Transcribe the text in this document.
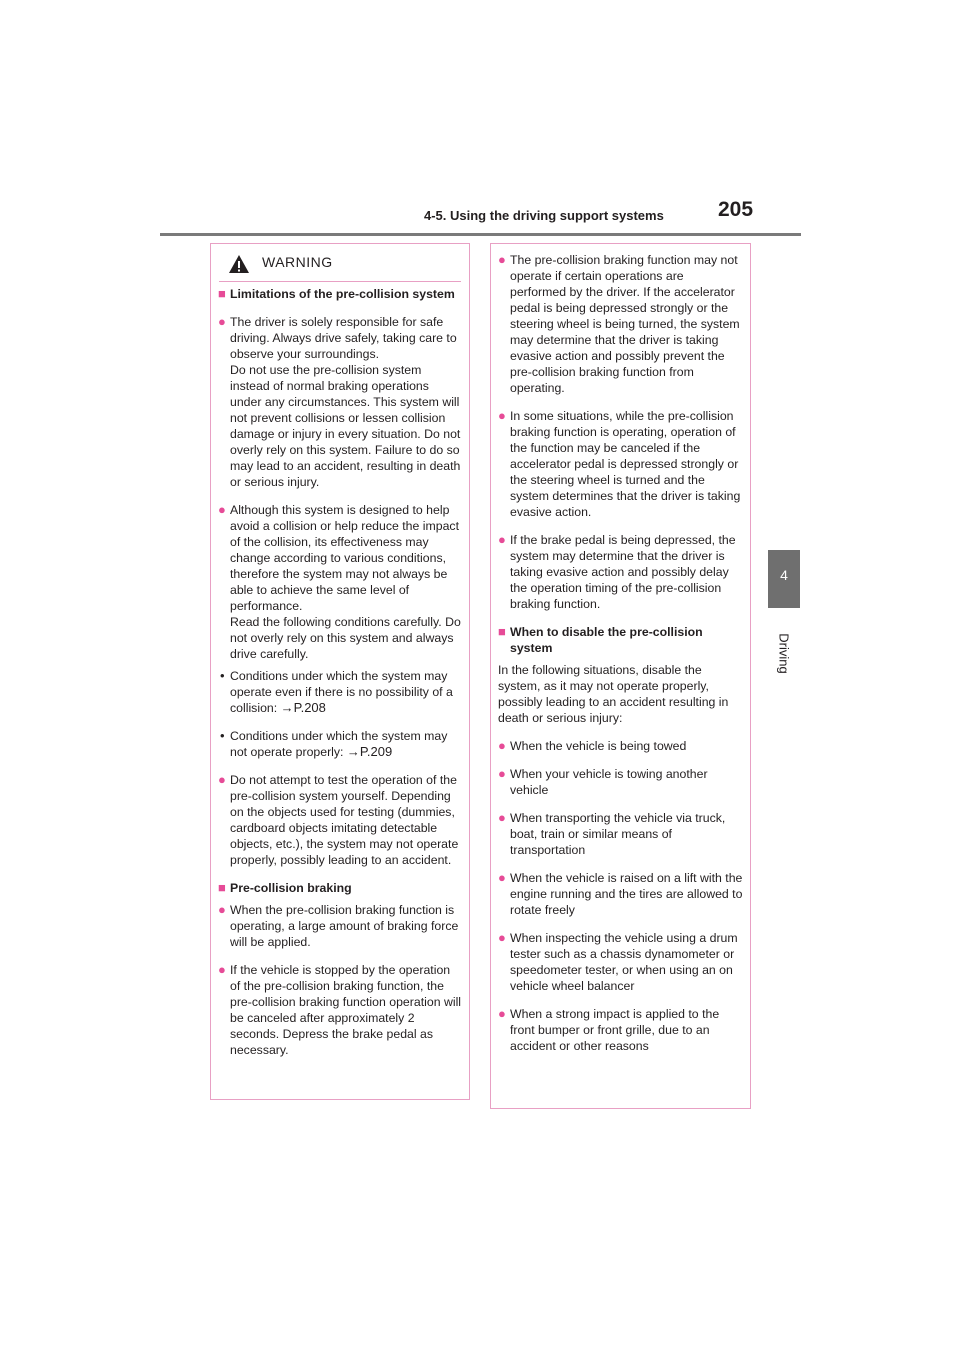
4-5. Using the driving support systems	205
4
Driving
WARNING
■ Limitations of the pre-collision system
● The driver is solely responsible for safe driving. Always drive safely, taking care to observe your surroundings.

Do not use the pre-collision system instead of normal braking operations under any circumstances. This system will not prevent collisions or lessen collision damage or injury in every situation. Do not overly rely on this system. Failure to do so may lead to an accident, resulting in death or serious injury.

● Although this system is designed to help avoid a collision or help reduce the impact of the collision, its effectiveness may change according to various conditions, therefore the system may not always be able to achieve the same level of performance.

Read the following conditions carefully. Do not overly rely on this system and always drive carefully.

• Conditions under which the system may operate even if there is no possibility of a collision: →P.208
• Conditions under which the system may not operate properly: →P.209
● Do not attempt to test the operation of the pre-collision system yourself. Depending on the objects used for testing (dummies, cardboard objects imitating detectable objects, etc.), the system may not operate properly, possibly leading to an accident.

■ Pre-collision braking
● When the pre-collision braking function is operating, a large amount of braking force will be applied.

● If the vehicle is stopped by the operation of the pre-collision braking function, the pre-collision braking function operation will be canceled after approximately 2 seconds. Depress the brake pedal as necessary.

● The pre-collision braking function may not operate if certain operations are performed by the driver. If the accelerator pedal is being depressed strongly or the steering wheel is being turned, the system may determine that the driver is taking evasive action and possibly prevent the pre-collision braking function from operating.

● In some situations, while the pre-collision braking function is operating, operation of the function may be canceled if the accelerator pedal is depressed strongly or the steering wheel is turned and the system determines that the driver is taking evasive action.

● If the brake pedal is being depressed, the system may determine that the driver is taking evasive action and possibly delay the operation timing of the pre-collision braking function.

■ When to disable the pre-collision system

In the following situations, disable the system, as it may not operate properly, possibly leading to an accident resulting in death or serious injury:

● When the vehicle is being towed

● When your vehicle is towing another vehicle

● When transporting the vehicle via truck, boat, train or similar means of transportation

● When the vehicle is raised on a lift with the engine running and the tires are allowed to rotate freely

● When inspecting the vehicle using a drum tester such as a chassis dynamometer or speedometer tester, or when using an on vehicle wheel balancer

● When a strong impact is applied to the front bumper or front grille, due to an accident or other reasons
